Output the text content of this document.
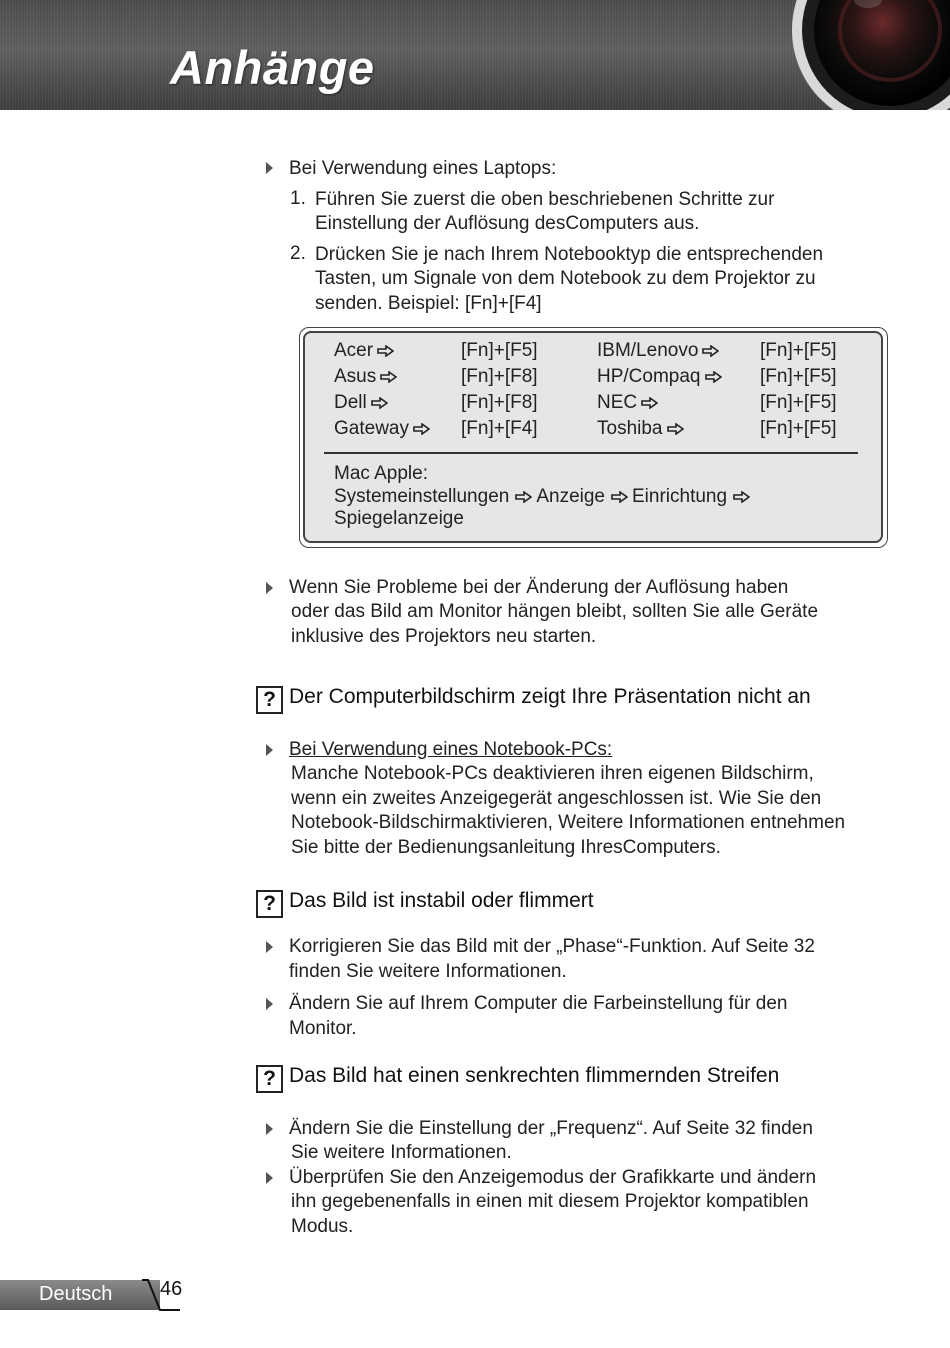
Anhänge
Bei Verwendung eines Laptops:
1. Führen Sie zuerst die oben beschriebenen Schritte zur
Einstellung der Auflösung desComputers aus.
2. Drücken Sie je nach Ihrem Notebooktyp die entsprechenden
Tasten, um Signale von dem Notebook zu dem Projektor zu
senden. Beispiel: [Fn]+[F4]
Acer	[Fn]+[F5]	IBM/Lenovo	[Fn]+[F5]
Asus	[Fn]+[F8]	HP/Compaq	[Fn]+[F5]
Dell	[Fn]+[F8]	NEC	[Fn]+[F5]
Gateway	[Fn]+[F4]	Toshiba	[Fn]+[F5]
Mac Apple:
Systemeinstellungen Anzeige Einrichtung
Spiegelanzeige
Wenn Sie Probleme bei der Änderung der Auflösung haben
oder das Bild am Monitor hängen bleibt, sollten Sie alle Geräte
inklusive des Projektors neu starten.
? Der Computerbildschirm zeigt Ihre Präsentation nicht an
Bei Verwendung eines Notebook-PCs:
Manche Notebook-PCs deaktivieren ihren eigenen Bildschirm,
wenn ein zweites Anzeigegerät angeschlossen ist. Wie Sie den
Notebook-Bildschirmaktivieren, Weitere Informationen entnehmen
Sie bitte der Bedienungsanleitung IhresComputers.
? Das Bild ist instabil oder flimmert
Korrigieren Sie das Bild mit der „Phase“-Funktion. Auf Seite 32
finden Sie weitere Informationen.
Ändern Sie auf Ihrem Computer die Farbeinstellung für den
Monitor.
? Das Bild hat einen senkrechten flimmernden Streifen
Ändern Sie die Einstellung der „Frequenz“. Auf Seite 32 finden
Sie weitere Informationen.
Überprüfen Sie den Anzeigemodus der Grafikkarte und ändern
ihn gegebenenfalls in einen mit diesem Projektor kompatiblen
Modus.
Deutsch 46
